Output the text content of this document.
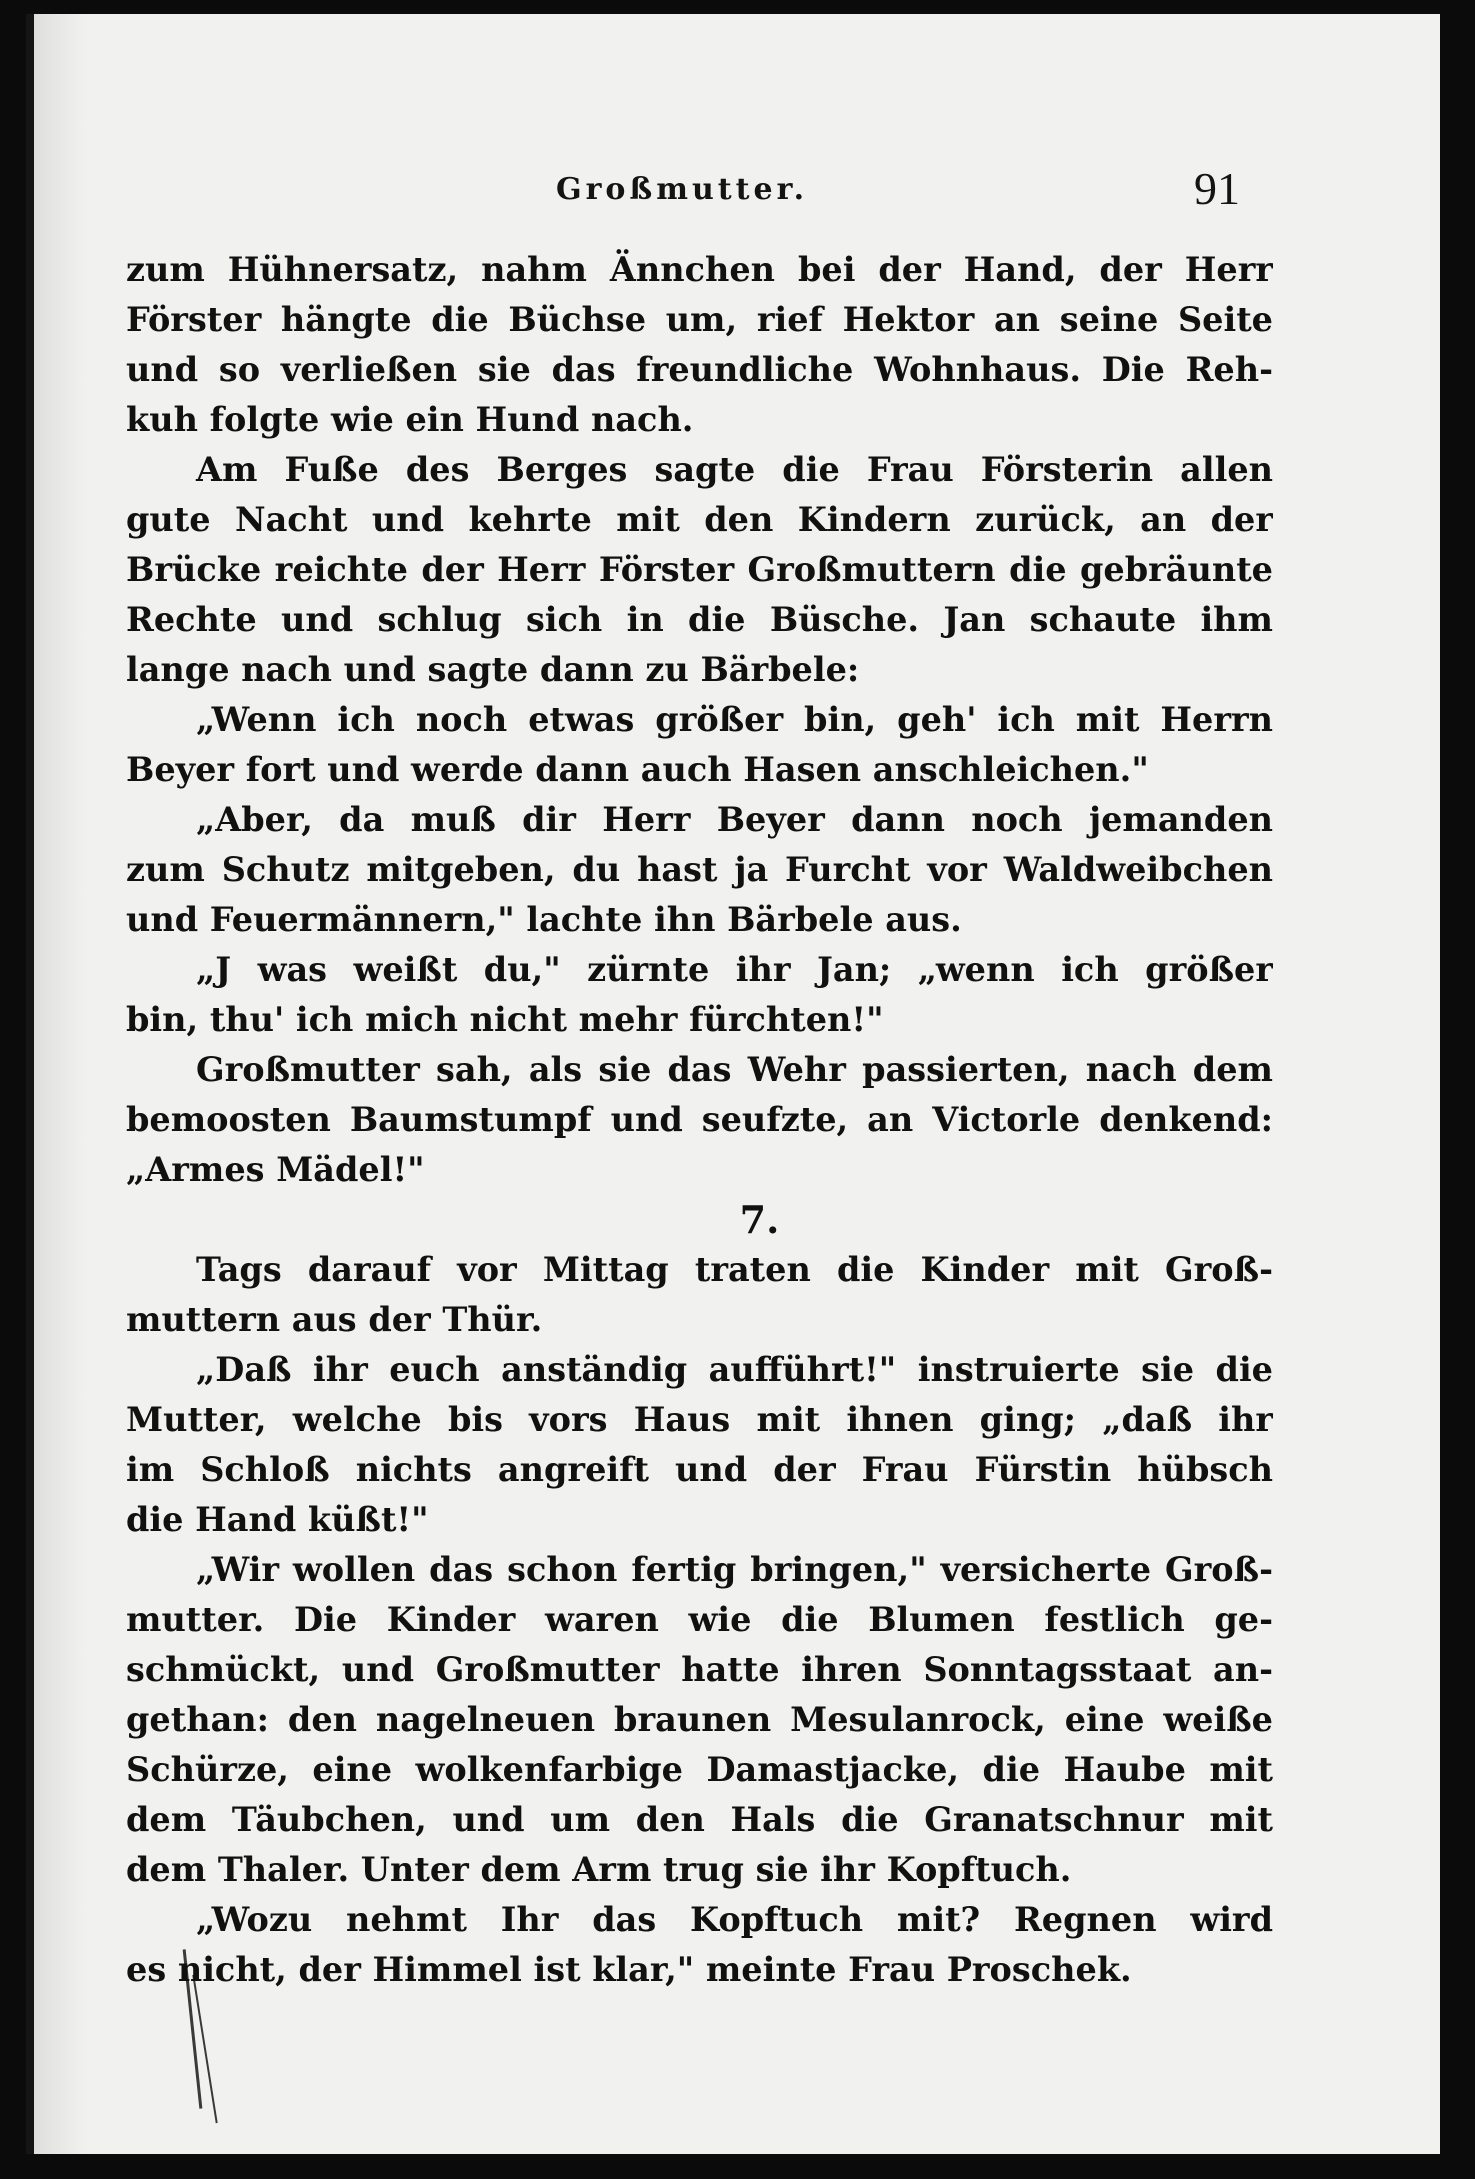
Großmutter.	91
zum Hühnersatz, nahm Ännchen bei der Hand, der Herr
Förster hängte die Büchse um, rief Hektor an seine Seite
und so verließen sie das freundliche Wohnhaus. Die Reh-
kuh folgte wie ein Hund nach.
Am Fuße des Berges sagte die Frau Försterin allen
gute Nacht und kehrte mit den Kindern zurück, an der
Brücke reichte der Herr Förster Großmuttern die gebräunte
Rechte und schlug sich in die Büsche. Jan schaute ihm
lange nach und sagte dann zu Bärbele:
„Wenn ich noch etwas größer bin, geh' ich mit Herrn
Beyer fort und werde dann auch Hasen anschleichen."
„Aber, da muß dir Herr Beyer dann noch jemanden
zum Schutz mitgeben, du hast ja Furcht vor Waldweibchen
und Feuermännern," lachte ihn Bärbele aus.
„J was weißt du," zürnte ihr Jan; „wenn ich größer
bin, thu' ich mich nicht mehr fürchten!"
Großmutter sah, als sie das Wehr passierten, nach dem
bemoosten Baumstumpf und seufzte, an Victorle denkend:
„Armes Mädel!"
7.
Tags darauf vor Mittag traten die Kinder mit Groß-
muttern aus der Thür.
„Daß ihr euch anständig aufführt!" instruierte sie die
Mutter, welche bis vors Haus mit ihnen ging; „daß ihr
im Schloß nichts angreift und der Frau Fürstin hübsch
die Hand küßt!"
„Wir wollen das schon fertig bringen," versicherte Groß-
mutter. Die Kinder waren wie die Blumen festlich ge-
schmückt, und Großmutter hatte ihren Sonntagsstaat an-
gethan: den nagelneuen braunen Mesulanrock, eine weiße
Schürze, eine wolkenfarbige Damastjacke, die Haube mit
dem Täubchen, und um den Hals die Granatschnur mit
dem Thaler. Unter dem Arm trug sie ihr Kopftuch.
„Wozu nehmt Ihr das Kopftuch mit? Regnen wird
es nicht, der Himmel ist klar," meinte Frau Proschek.
